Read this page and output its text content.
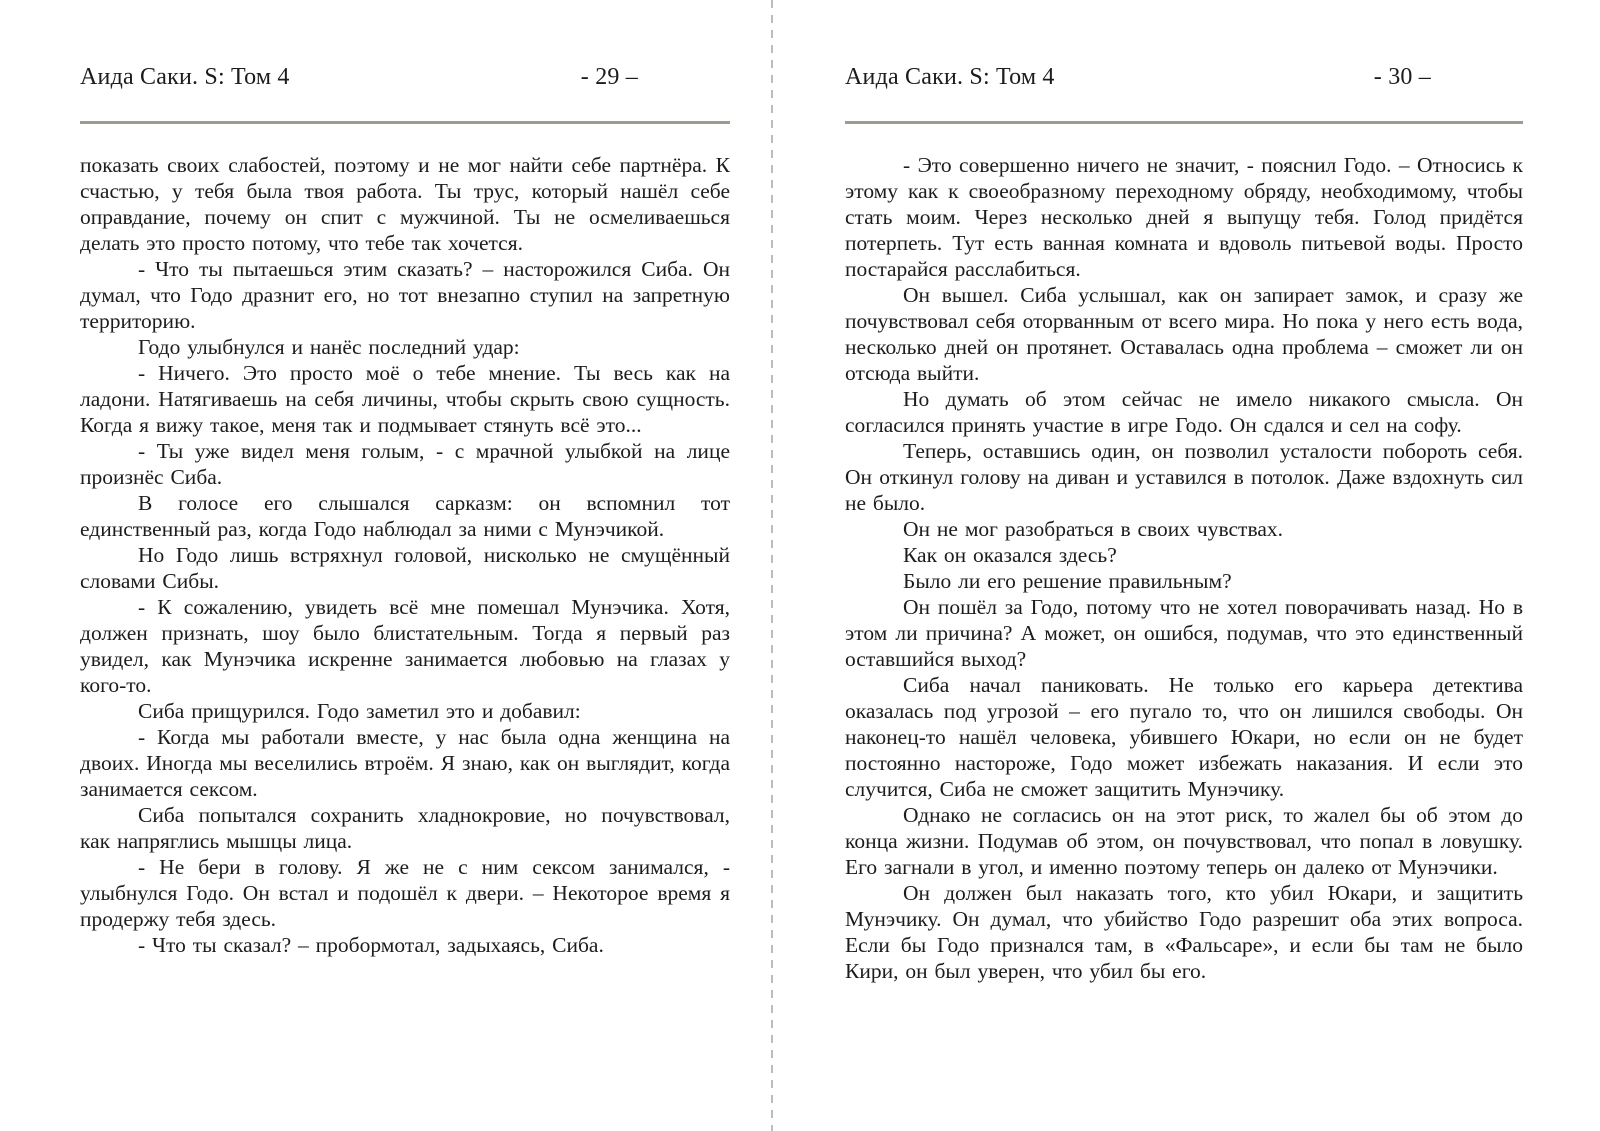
Аида Саки. S: Том 4	- 29 –

показать своих слабостей, поэтому и не мог найти себе партнёра. К счастью, у тебя была твоя работа. Ты трус, который нашёл себе оправдание, почему он спит с мужчиной. Ты не осмеливаешься делать это просто потому, что тебе так хочется.

- Что ты пытаешься этим сказать? – насторожился Сиба. Он думал, что Годо дразнит его, но тот внезапно ступил на запретную территорию.

Годо улыбнулся и нанёс последний удар:

- Ничего. Это просто моё о тебе мнение. Ты весь как на ладони. Натягиваешь на себя личины, чтобы скрыть свою сущность. Когда я вижу такое, меня так и подмывает стянуть всё это...

- Ты уже видел меня голым, - с мрачной улыбкой на лице произнёс Сиба.

В голосе его слышался сарказм: он вспомнил тот единственный раз, когда Годо наблюдал за ними с Мунэчикой.

Но Годо лишь встряхнул головой, нисколько не смущённый словами Сибы.

- К сожалению, увидеть всё мне помешал Мунэчика. Хотя, должен признать, шоу было блистательным. Тогда я первый раз увидел, как Мунэчика искренне занимается любовью на глазах у кого-то.

Сиба прищурился. Годо заметил это и добавил:

- Когда мы работали вместе, у нас была одна женщина на двоих. Иногда мы веселились втроём. Я знаю, как он выглядит, когда занимается сексом.

Сиба попытался сохранить хладнокровие, но почувствовал, как напряглись мышцы лица.

- Не бери в голову. Я же не с ним сексом занимался, - улыбнулся Годо. Он встал и подошёл к двери. – Некоторое время я продержу тебя здесь.

- Что ты сказал? – пробормотал, задыхаясь, Сиба.

Аида Саки. S: Том 4	- 30 –

- Это совершенно ничего не значит, - пояснил Годо. – Относись к этому как к своеобразному переходному обряду, необходимому, чтобы стать моим. Через несколько дней я выпущу тебя. Голод придётся потерпеть. Тут есть ванная комната и вдоволь питьевой воды. Просто постарайся расслабиться.

Он вышел. Сиба услышал, как он запирает замок, и сразу же почувствовал себя оторванным от всего мира. Но пока у него есть вода, несколько дней он протянет. Оставалась одна проблема – сможет ли он отсюда выйти.

Но думать об этом сейчас не имело никакого смысла. Он согласился принять участие в игре Годо. Он сдался и сел на софу.

Теперь, оставшись один, он позволил усталости побороть себя. Он откинул голову на диван и уставился в потолок. Даже вздохнуть сил не было.

Он не мог разобраться в своих чувствах.

Как он оказался здесь?

Было ли его решение правильным?

Он пошёл за Годо, потому что не хотел поворачивать назад. Но в этом ли причина? А может, он ошибся, подумав, что это единственный оставшийся выход?

Сиба начал паниковать. Не только его карьера детектива оказалась под угрозой – его пугало то, что он лишился свободы. Он наконец-то нашёл человека, убившего Юкари, но если он не будет постоянно настороже, Годо может избежать наказания. И если это случится, Сиба не сможет защитить Мунэчику.

Однако не согласись он на этот риск, то жалел бы об этом до конца жизни. Подумав об этом, он почувствовал, что попал в ловушку. Его загнали в угол, и именно поэтому теперь он далеко от Мунэчики.

Он должен был наказать того, кто убил Юкари, и защитить Мунэчику. Он думал, что убийство Годо разрешит оба этих вопроса. Если бы Годо признался там, в «Фальсаре», и если бы там не было Кири, он был уверен, что убил бы его.
